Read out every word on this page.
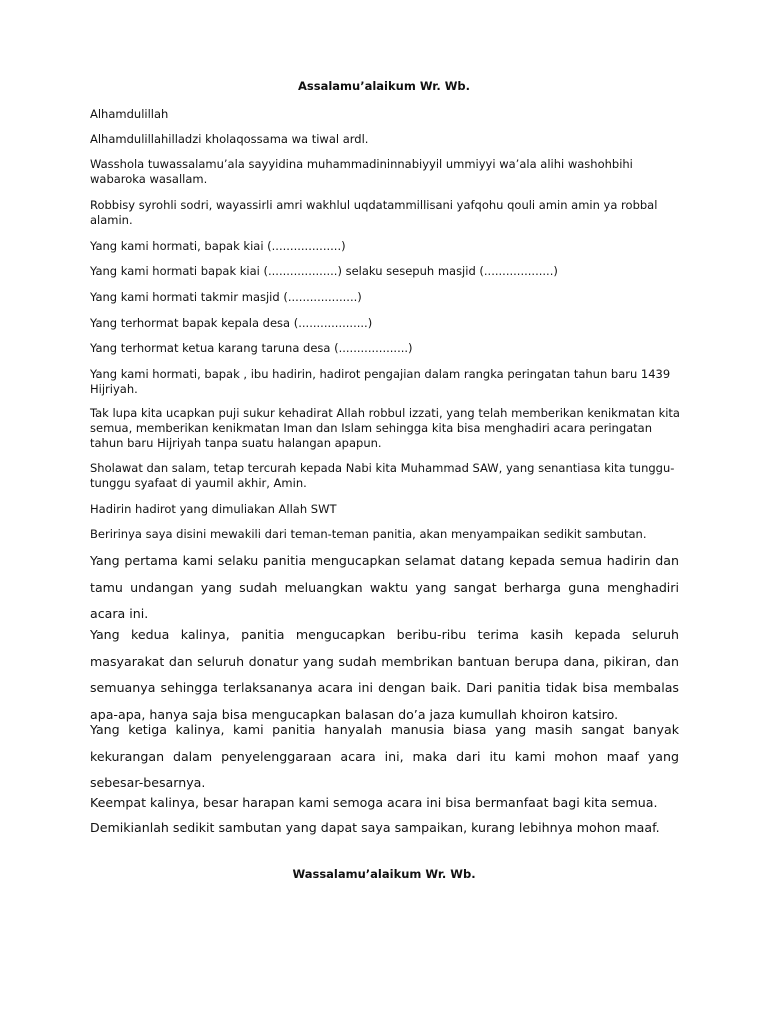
Assalamu’alaikum Wr. Wb.

Alhamdulillah

Alhamdulillahilladzi kholaqossama wa tiwal ardl.

Wasshola tuwassalamu’ala sayyidina muhammadininnabiyyil ummiyyi wa’ala alihi washohbihi wabaroka wasallam.

Robbisy syrohli sodri, wayassirli amri wakhlul uqdatammillisani yafqohu qouli amin amin ya robbal alamin.

Yang kami hormati, bapak kiai (...................)

Yang kami hormati bapak kiai (...................) selaku sesepuh masjid (...................)

Yang kami hormati takmir masjid (...................)

Yang terhormat bapak kepala desa (...................)

Yang terhormat ketua karang taruna desa (...................)

Yang kami hormati, bapak , ibu hadirin, hadirot pengajian dalam rangka peringatan tahun baru 1439 Hijriyah.

Tak lupa kita ucapkan puji sukur kehadirat Allah robbul izzati, yang telah memberikan kenikmatan kita semua, memberikan kenikmatan Iman dan Islam sehingga kita bisa menghadiri acara peringatan tahun baru Hijriyah tanpa suatu halangan apapun.

Sholawat dan salam, tetap tercurah kepada Nabi kita Muhammad SAW, yang senantiasa kita tunggu-tunggu syafaat di yaumil akhir, Amin.

Hadirin hadirot yang dimuliakan Allah SWT

Beririnya saya disini mewakili dari teman-teman panitia, akan menyampaikan sedikit sambutan.

Yang pertama kami selaku panitia mengucapkan selamat datang kepada semua hadirin dan tamu undangan yang sudah meluangkan waktu yang sangat berharga guna menghadiri acara ini.

Yang kedua kalinya, panitia mengucapkan beribu-ribu terima kasih kepada seluruh masyarakat dan seluruh donatur yang sudah membrikan bantuan berupa dana, pikiran, dan semuanya sehingga terlaksananya acara ini dengan baik. Dari panitia tidak bisa membalas apa-apa, hanya saja bisa mengucapkan balasan do’a jaza kumullah khoiron katsiro.

Yang ketiga kalinya, kami panitia hanyalah manusia biasa yang masih sangat banyak kekurangan dalam penyelenggaraan acara ini, maka dari itu kami mohon maaf yang sebesar-besarnya.

Keempat kalinya, besar harapan kami semoga acara ini bisa bermanfaat bagi kita semua.

Demikianlah sedikit sambutan yang dapat saya sampaikan, kurang lebihnya mohon maaf.

Wassalamu’alaikum Wr. Wb.
